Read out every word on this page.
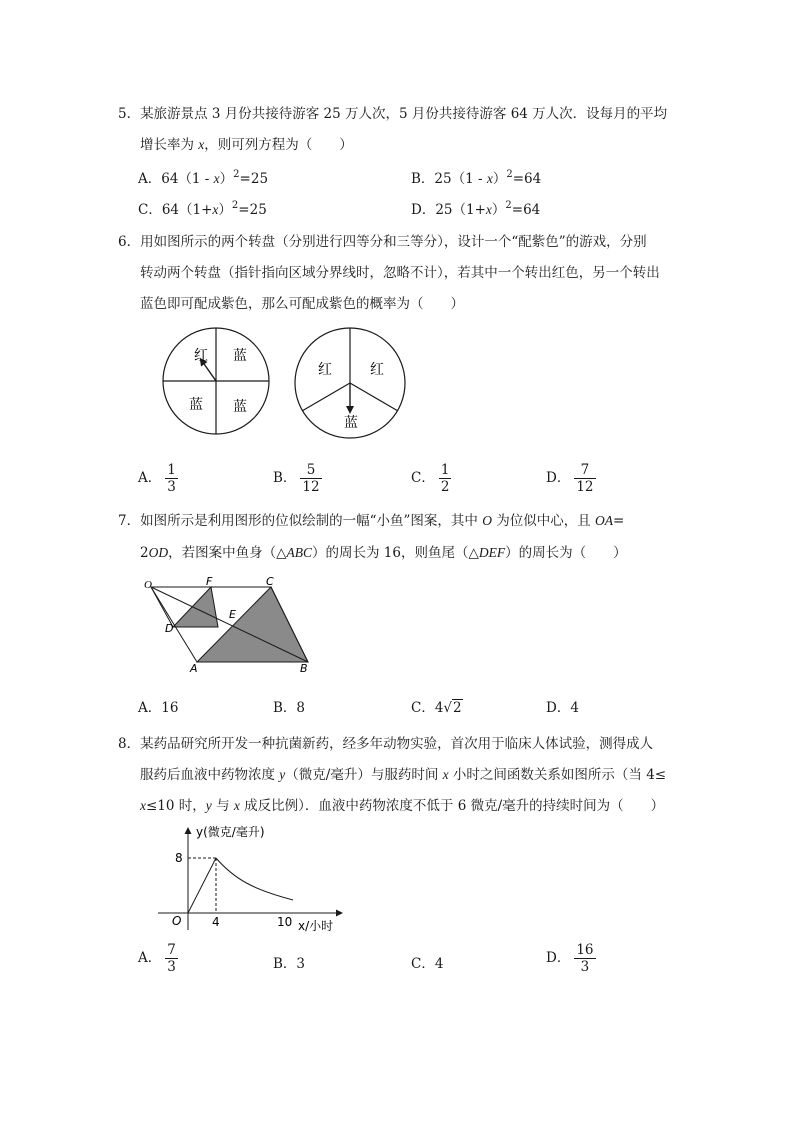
5．某旅游景点 3 月份共接待游客 25 万人次，5 月份共接待游客 64 万人次．设每月的平均
增长率为 x，则可列方程为（　　）
A．64（1 - x）$^2$=25	B．25（1 - x）$^2$=64
C．$64(1+x)^2=25$	D．$25(1+x)^2=64$
6．用如图所示的两个转盘（分别进行四等分和三等分），设计一个“配紫色”的游戏，分别
转动两个转盘（指针指向区域分界线时，忽略不计），若其中一个转出红色，另一个转出
蓝色即可配成紫色，那么可配成紫色的概率为（　　）
红 蓝
蓝 蓝
红	红
蓝
A． $\frac{1}{3}$	B． $\frac{5}{12}$	C． $\frac{1}{2}$	D． $\frac{7}{12}$
7．如图所示是利用图形的位似绘制的一幅“小鱼”图案，其中 O 为位似中心，且 OA=
2OD，若图案中鱼身（△ABC）的周长为 16，则鱼尾（△DEF）的周长为（　　）
O	F	C
E
D
A	B
A．16	B．8	C．4√2	D．4
8．某药品研究所开发一种抗菌新药，经多年动物实验，首次用于临床人体试验，测得成人
服药后血液中药物浓度 y（微克/毫升）与服药时间 x 小时之间函数关系如图所示（当 4≤
x≤10 时，y 与 x 成反比例）．血液中药物浓度不低于 6 微克/毫升的持续时间为（　　）
y(微克/毫升)
x/小时
O
8
4	10
A． $\frac{7}{3}$	B．3	C．4	D． $\frac{16}{3}$
